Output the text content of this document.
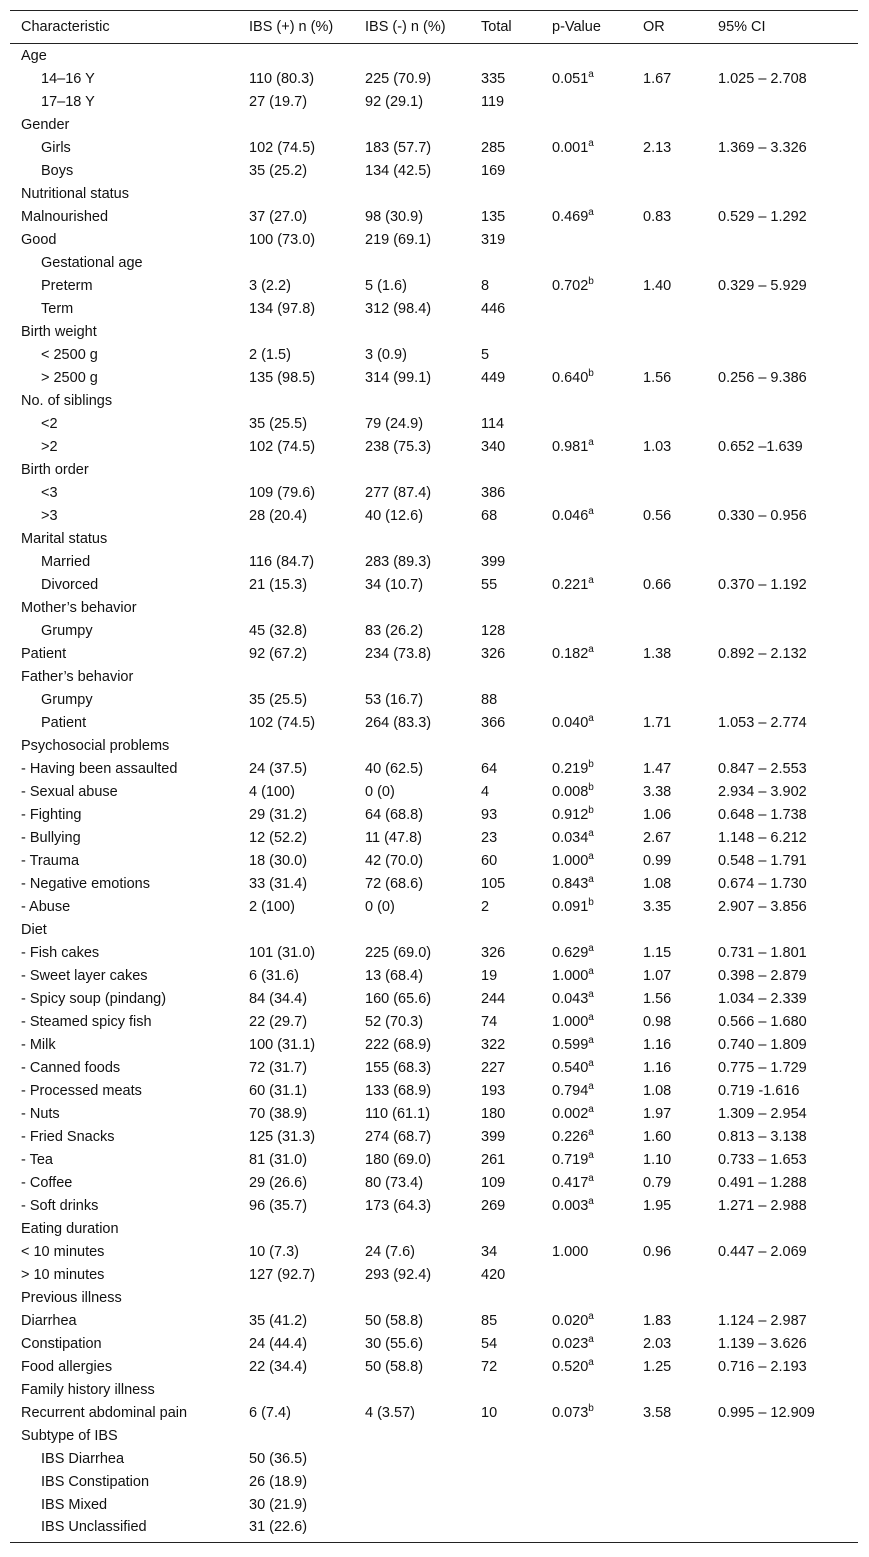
Characteristic	IBS (+) n (%)	IBS (-) n (%)	Total	p-Value	OR	95% CI
Age						
14–16 Y	110 (80.3)	225 (70.9)	335	0.051$^a$	1.67	1.025 – 2.708
17–18 Y	27 (19.7)	92 (29.1)	119			
Gender						
Girls	102 (74.5)	183 (57.7)	285	0.001$^a$	2.13	1.369 – 3.326
Boys	35 (25.2)	134 (42.5)	169			
Nutritional status						
Malnourished	37 (27.0)	98 (30.9)	135	0.469$^a$	0.83	0.529 – 1.292
Good	100 (73.0)	219 (69.1)	319			
Gestational age						
Preterm	3 (2.2)	5 (1.6)	8	0.702$^b$	1.40	0.329 – 5.929
Term	134 (97.8)	312 (98.4)	446			
Birth weight						
< 2500 g	2 (1.5)	3 (0.9)	5			
> 2500 g	135 (98.5)	314 (99.1)	449	0.640$^b$	1.56	0.256 – 9.386
No. of siblings						
<2	35 (25.5)	79 (24.9)	114			
>2	102 (74.5)	238 (75.3)	340	0.981$^a$	1.03	0.652 –1.639
Birth order						
<3	109 (79.6)	277 (87.4)	386			
>3	28 (20.4)	40 (12.6)	68	0.046$^a$	0.56	0.330 – 0.956
Marital status						
Married	116 (84.7)	283 (89.3)	399			
Divorced	21 (15.3)	34 (10.7)	55	0.221$^a$	0.66	0.370 – 1.192
Mother’s behavior						
Grumpy	45 (32.8)	83 (26.2)	128			
Patient	92 (67.2)	234 (73.8)	326	0.182$^a$	1.38	0.892 – 2.132
Father’s behavior						
Grumpy	35 (25.5)	53 (16.7)	88			
Patient	102 (74.5)	264 (83.3)	366	0.040$^a$	1.71	1.053 – 2.774
Psychosocial problems						
- Having been assaulted	24 (37.5)	40 (62.5)	64	0.219$^b$	1.47	0.847 – 2.553
- Sexual abuse	4 (100)	0 (0)	4	0.008$^b$	3.38	2.934 – 3.902
- Fighting	29 (31.2)	64 (68.8)	93	0.912$^b$	1.06	0.648 – 1.738
- Bullying	12 (52.2)	11 (47.8)	23	0.034$^a$	2.67	1.148 – 6.212
- Trauma	18 (30.0)	42 (70.0)	60	1.000$^a$	0.99	0.548 – 1.791
- Negative emotions	33 (31.4)	72 (68.6)	105	0.843$^a$	1.08	0.674 – 1.730
- Abuse	2 (100)	0 (0)	2	0.091$^b$	3.35	2.907 – 3.856
Diet						
- Fish cakes	101 (31.0)	225 (69.0)	326	0.629$^a$	1.15	0.731 – 1.801
- Sweet layer cakes	6 (31.6)	13 (68.4)	19	1.000$^a$	1.07	0.398 – 2.879
- Spicy soup (pindang)	84 (34.4)	160 (65.6)	244	0.043$^a$	1.56	1.034 – 2.339
- Steamed spicy fish	22 (29.7)	52 (70.3)	74	1.000$^a$	0.98	0.566 – 1.680
- Milk	100 (31.1)	222 (68.9)	322	0.599$^a$	1.16	0.740 – 1.809
- Canned foods	72 (31.7)	155 (68.3)	227	0.540$^a$	1.16	0.775 – 1.729
- Processed meats	60 (31.1)	133 (68.9)	193	0.794$^a$	1.08	0.719 -1.616
- Nuts	70 (38.9)	110 (61.1)	180	0.002$^a$	1.97	1.309 – 2.954
- Fried Snacks	125 (31.3)	274 (68.7)	399	0.226$^a$	1.60	0.813 – 3.138
- Tea	81 (31.0)	180 (69.0)	261	0.719$^a$	1.10	0.733 – 1.653
- Coffee	29 (26.6)	80 (73.4)	109	0.417$^a$	0.79	0.491 – 1.288
- Soft drinks	96 (35.7)	173 (64.3)	269	0.003$^a$	1.95	1.271 – 2.988
Eating duration						
< 10 minutes	10 (7.3)	24 (7.6)	34	1.000	0.96	0.447 – 2.069
> 10 minutes	127 (92.7)	293 (92.4)	420			
Previous illness						
Diarrhea	35 (41.2)	50 (58.8)	85	0.020$^a$	1.83	1.124 – 2.987
Constipation	24 (44.4)	30 (55.6)	54	0.023$^a$	2.03	1.139 – 3.626
Food allergies	22 (34.4)	50 (58.8)	72	0.520$^a$	1.25	0.716 – 2.193
Family history illness						
Recurrent abdominal pain	6 (7.4)	4 (3.57)	10	0.073$^b$	3.58	0.995 – 12.909
Subtype of IBS						
IBS Diarrhea	50 (36.5)					
IBS Constipation	26 (18.9)					
IBS Mixed	30 (21.9)					
IBS Unclassified	31 (22.6)					
